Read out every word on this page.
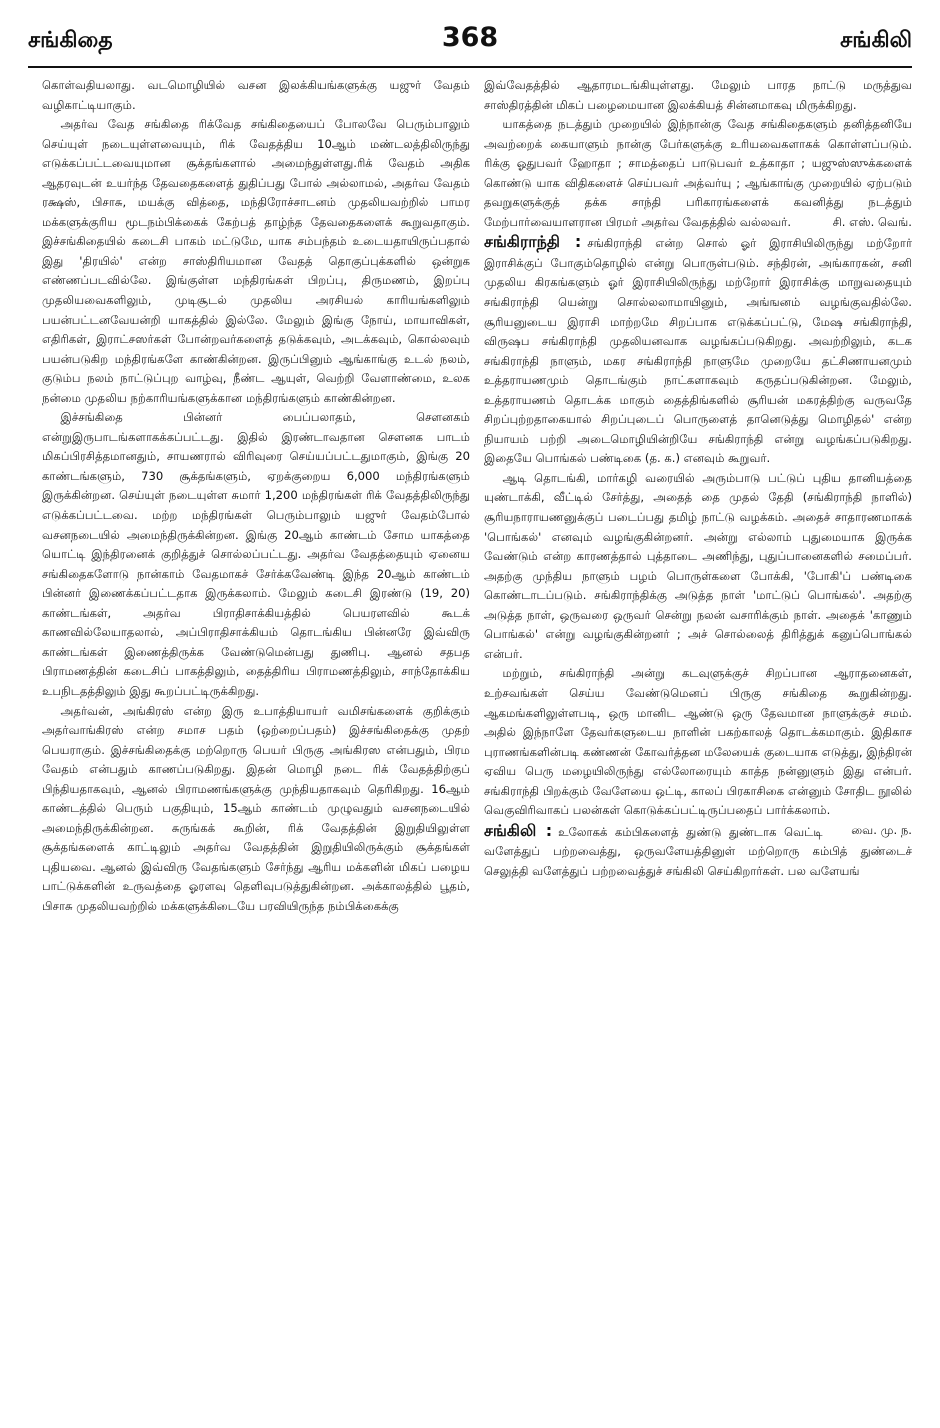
சங்கிதை	368	சங்கிலி

கொள்வதியலாது. வடமொழியில் வசன இலக்கியங்களுக்கு யஜுர் வேதம் வழிகாட்டியாகும்.

அதர்வ வேத சங்கிதை ரிக்வேத சங்கிதையைப் போலவே பெரும்பாலும் செய்யுள் நடையுள்ளவையும், ரிக் வேதத்திய 10ஆம் மண்டலத்திலிருந்து எடுக்கப்பட்டவையுமான சூக்தங்களால் அமைந்துள்ளது.ரிக் வேதம் அதிக ஆதரவுடன் உயர்ந்த தேவதைகளைத் துதிப்பது போல் அல்லாமல், அதர்வ வேதம் ரக்ஷஸ், பிசாசு, மயக்கு வித்தை, மந்திரோச்சாடனம் முதலியவற்றில் பாமர மக்களுக்குரிய மூடநம்பிக்கைக் கேற்பத் தாழ்ந்த தேவதைகளைக் கூறுவதாகும். இச்சங்கிதையில் கடைசி பாகம் மட்டுமே, யாக சம்பந்தம் உடையதாயிருப்பதால் இது 'திரயில்' என்ற சாஸ்திரியமான வேதத் தொகுப்புக்களில் ஒன்றுக எண்ணப்படவில்லே. இங்குள்ள மந்திரங்கள் பிறப்பு, திருமணம், இறப்பு முதலியவைகளிலும், முடிசூடல் முதலிய அரசியல் காரியங்களிலும் பயன்பட்டனவேயன்றி யாகத்தில் இல்லே. மேலும் இங்கு நோய், மாயாவிகள், எதிரிகள், இராட்சஸர்கள் போன்றவர்களைத் தடுக்கவும், அடக்கவும், கொல்லவும் பயன்படுகிற மந்திரங்களே காண்கின்றன. இருப்பினும் ஆங்காங்கு உடல் நலம், குடும்ப நலம் நாட்டுப்புற வாழ்வு, நீண்ட ஆயுள், வெற்றி வேளாண்மை, உலக நன்மை முதலிய நற்காரியங்களுக்கான மந்திரங்களும் காண்கின்றன.

இச்சங்கிதை பின்னர் பைப்பலாதம், சௌனகம் என்றுஇருபாடங்களாகக்கப்பட்டது. இதில் இரண்டாவதான சௌனக பாடம் மிகப்பிரசித்தமானதும், சாயணரால் விரிவுரை செய்யப்பட்டதுமாகும், இங்கு 20 காண்டங்களும், 730 சூக்தங்களும், ஏறக்குறைய 6,000 மந்திரங்களும் இருக்கின்றன. செய்யுள் நடையுள்ள சுமார் 1,200 மந்திரங்கள் ரிக் வேதத்திலிருந்து எடுக்கப்பட்டவை. மற்ற மந்திரங்கள் பெரும்பாலும் யஜுர் வேதம்போல் வசனநடையில் அமைந்திருக்கின்றன. இங்கு 20ஆம் காண்டம் சோம யாகத்தை யொட்டி இந்திரனைக் குறித்துச் சொல்லப்பட்டது. அதர்வ வேதத்தையும் ஏனைய சங்கிதைகளோடு நான்காம் வேதமாகச் சேர்க்கவேண்டி இந்த 20ஆம் காண்டம் பின்னர் இணைக்கப்பட்டதாக இருக்கலாம். மேலும் கடைசி இரண்டு (19, 20) காண்டங்கள், அதர்வ பிராதிசாக்கியத்தில் பெயரளவில் கூடக் காணவில்லேயாதலால், அப்பிராதிசாக்கியம் தொடங்கிய பின்னரே இவ்விரு காண்டங்கள் இணைத்திருக்க வேண்டுமென்பது துணிபு. ஆனல் சதபத பிராமணத்தின் கடைசிப் பாகத்திலும், தைத்திரிய பிராமணத்திலும், சாந்தோக்கிய உபநிடதத்திலும் இது கூறப்பட்டிருக்கிறது.

அதர்வன், அங்கிரஸ் என்ற இரு உபாத்தியாயர் வமிசங்களைக் குறிக்கும் அதர்வாங்கிரஸ் என்ற சமாச பதம் (ஒற்றைப்பதம்) இச்சங்கிதைக்கு முதற் பெயராகும். இச்சங்கிதைக்கு மற்றொரு பெயர் பிருகு அங்கிரஸ என்பதும், பிரம வேதம் என்பதும் காணப்படுகிறது. இதன் மொழி நடை ரிக் வேதத்திற்குப் பிந்தியதாகவும், ஆனல் பிராமணங்களுக்கு முந்தியதாகவும் தெரிகிறது. 16ஆம் காண்டத்தில் பெரும் பகுதியும், 15ஆம் காண்டம் முழுவதும் வசனநடையில் அமைந்திருக்கின்றன. சுருங்கக் கூறின், ரிக் வேதத்தின் இறுதியிலுள்ள சூக்தங்களைக் காட்டிலும் அதர்வ வேதத்தின் இறுதியிலிருக்கும் சூக்தங்கள் புதியவை. ஆனல் இவ்விரு வேதங்களும் சேர்ந்து ஆரிய மக்களின் மிகப் பழைய பாட்டுக்களின் உருவத்தை ஓரளவு தெளிவுபடுத்துகின்றன. அக்காலத்தில் பூதம், பிசாசு முதலியவற்றில் மக்களுக்கிடையே பரவியிருந்த நம்பிக்கைக்கு

இவ்வேதத்தில் ஆதாரமடங்கியுள்ளது. மேலும் பாரத நாட்டு மருத்துவ சாஸ்திரத்தின் மிகப் பழைமையான இலக்கியத் சின்னமாகவு மிருக்கிறது.

யாகத்தை நடத்தும் முறையில் இந்நான்கு வேத சங்கிதைகளும் தனித்தனியே அவற்றைக் கையாளும் நான்கு பேர்களுக்கு உரியவைகளாகக் கொள்ளப்படும். ரிக்கு ஓதுபவர் ஹோதா ; சாமத்தைப் பாடுபவர் உத்காதா ; யஜுஸ்ஸுக்களைக் கொண்டு யாக விதிகளைச் செய்பவர் அத்வர்யு ; ஆங்காங்கு முறையில் ஏற்படும் தவறுகளுக்குத் தக்க சாந்தி பரிகாரங்களைக் கவனித்து நடத்தும் மேற்பார்வையாளரான பிரமர் அதர்வ வேதத்தில் வல்லவர்.	சி. எஸ். வெங்.

சங்கிராந்தி : சங்கிராந்தி என்ற சொல் ஓர் இராசியிலிருந்து மற்றோர் இராசிக்குப் போகும்தொழில் என்று பொருள்படும். சந்திரன், அங்காரகன், சனி முதலிய கிரகங்களும் ஓர் இராசியிலிருந்து மற்றோர் இராசிக்கு மாறுவதையும் சங்கிராந்தி யென்று சொல்லலாமாயினும், அங்ஙனம் வழங்குவதில்லே. சூரியனுடைய இராசி மாற்றமே சிறப்பாக எடுக்கப்பட்டு, மேஷ சங்கிராந்தி, விருஷப சங்கிராந்தி முதலியனவாக வழங்கப்படுகிறது. அவற்றிலும், கடக சங்கிராந்தி நாளும், மகர சங்கிராந்தி நாளுமே முறையே தட்சிணாயனமும் உத்தராயணமும் தொடங்கும் நாட்களாகவும் கருதப்படுகின்றன. மேலும், உத்தராயணம் தொடக்க மாகும் தைத்திங்களில் சூரியன் மகரத்திற்கு வருவதே சிறப்புற்றதாகையால் சிறப்புடைப் பொருளைத் தானெடுத்து மொழிதல்' என்ற நியாயம் பற்றி அடைமொழியின்றியே சங்கிராந்தி என்று வழங்கப்படுகிறது. இதையே பொங்கல் பண்டிகை (த. க.) எனவும் கூறுவர்.

ஆடி தொடங்கி, மார்கழி வரையில் அரும்பாடு பட்டுப் புதிய தானியத்தை யுண்டாக்கி, வீட்டில் சேர்த்து, அதைத் தை முதல் தேதி (சங்கிராந்தி நாளில்) சூரியநாராயணனுக்குப் படைப்பது தமிழ் நாட்டு வழக்கம். அதைச் சாதாரணமாகக் 'பொங்கல்' எனவும் வழங்குகின்றனர். அன்று எல்லாம் புதுமையாக இருக்க வேண்டும் என்ற காரணத்தால் புத்தாடை அணிந்து, புதுப்பானைகளில் சமைப்பர். அதற்கு முந்திய நாளும் பழம் பொருள்களை போக்கி, 'போகி'ப் பண்டிகை கொண்டாடப்படும். சங்கிராந்திக்கு அடுத்த நாள் 'மாட்டுப் பொங்கல்'. அதற்கு அடுத்த நாள், ஒருவரை ஒருவர் சென்று நலன் வசாரிக்கும் நாள். அதைக் 'காணும் பொங்கல்' என்று வழங்குகின்றனர் ; அச் சொல்லைத் திரித்துக் கனுப்பொங்கல் என்பர்.

மற்றும், சங்கிராந்தி அன்று கடவுளுக்குச் சிறப்பான ஆராதனைகள், உற்சவங்கள் செய்ய வேண்டுமெனப் பிருகு சங்கிதை கூறுகின்றது. ஆகமங்களிலுள்ளபடி, ஒரு மானிட ஆண்டு ஒரு தேவமான நாளுக்குச் சமம். அதில் இந்நாளே தேவர்களுடைய நாளின் பகற்காலத் தொடக்கமாகும். இதிகாச புராணங்களின்படி கண்ணன் கோவர்த்தன மலேயைக் குடையாக எடுத்து, இந்திரன் ஏவிய பெரு மழையிலிருந்து எல்லோரையும் காத்த நன்னுளும் இது என்பர். சங்கிராந்தி பிறக்கும் வேளேயை ஒட்டி, காலப் பிரகாசிகை என்னும் சோதிட நூலில் வெகுவிரிவாகப் பலன்கள் கொடுக்கப்பட்டிருப்பதைப் பார்க்கலாம்.
வை. மு. ந.

சங்கிலி : உலோகக் கம்பிகளைத் துண்டு துண்டாக வெட்டி வளேத்துப் பற்றவைத்து, ஒருவளேயத்தினுள் மற்றொரு கம்பித் துண்டைச் செலுத்தி வளேத்துப் பற்றவைத்துச் சங்கிலி செய்கிறார்கள். பல வளேயங்
